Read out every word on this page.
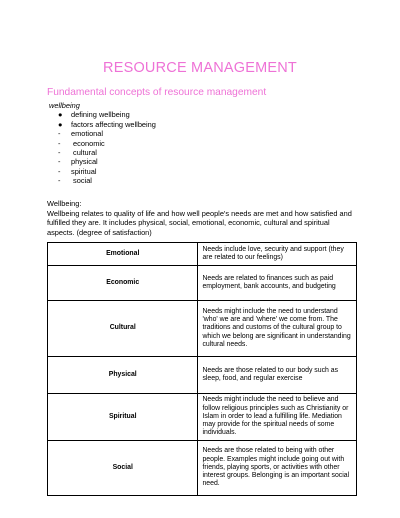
RESOURCE MANAGEMENT
Fundamental concepts of resource management
wellbeing
● defining wellbeing
● factors affecting wellbeing
- emotional
- economic
- cultural
- physical
- spiritual
- social
Wellbeing:
Wellbeing relates to quality of life and how well people's needs are met and how satisfied and fulfilled they are. It includes physical, social, emotional, economic, cultural and spiritual aspects. (degree of satisfaction)
Emotional	Needs include love, security and support (they are related to our feelings)
Economic	Needs are related to finances such as paid employment, bank accounts, and budgeting
Cultural	Needs might include the need to understand 'who' we are and 'where' we come from. The traditions and customs of the cultural group to which we belong are significant in understanding cultural needs.
Physical	Needs are those related to our body such as sleep, food, and regular exercise
Spiritual	Needs might include the need to believe and follow religious principles such as Christianity or Islam in order to lead a fulfilling life. Mediation may provide for the spiritual needs of some individuals.
Social	Needs are those related to being with other people. Examples might include going out with friends, playing sports, or activities with other interest groups. Belonging is an important social need.
